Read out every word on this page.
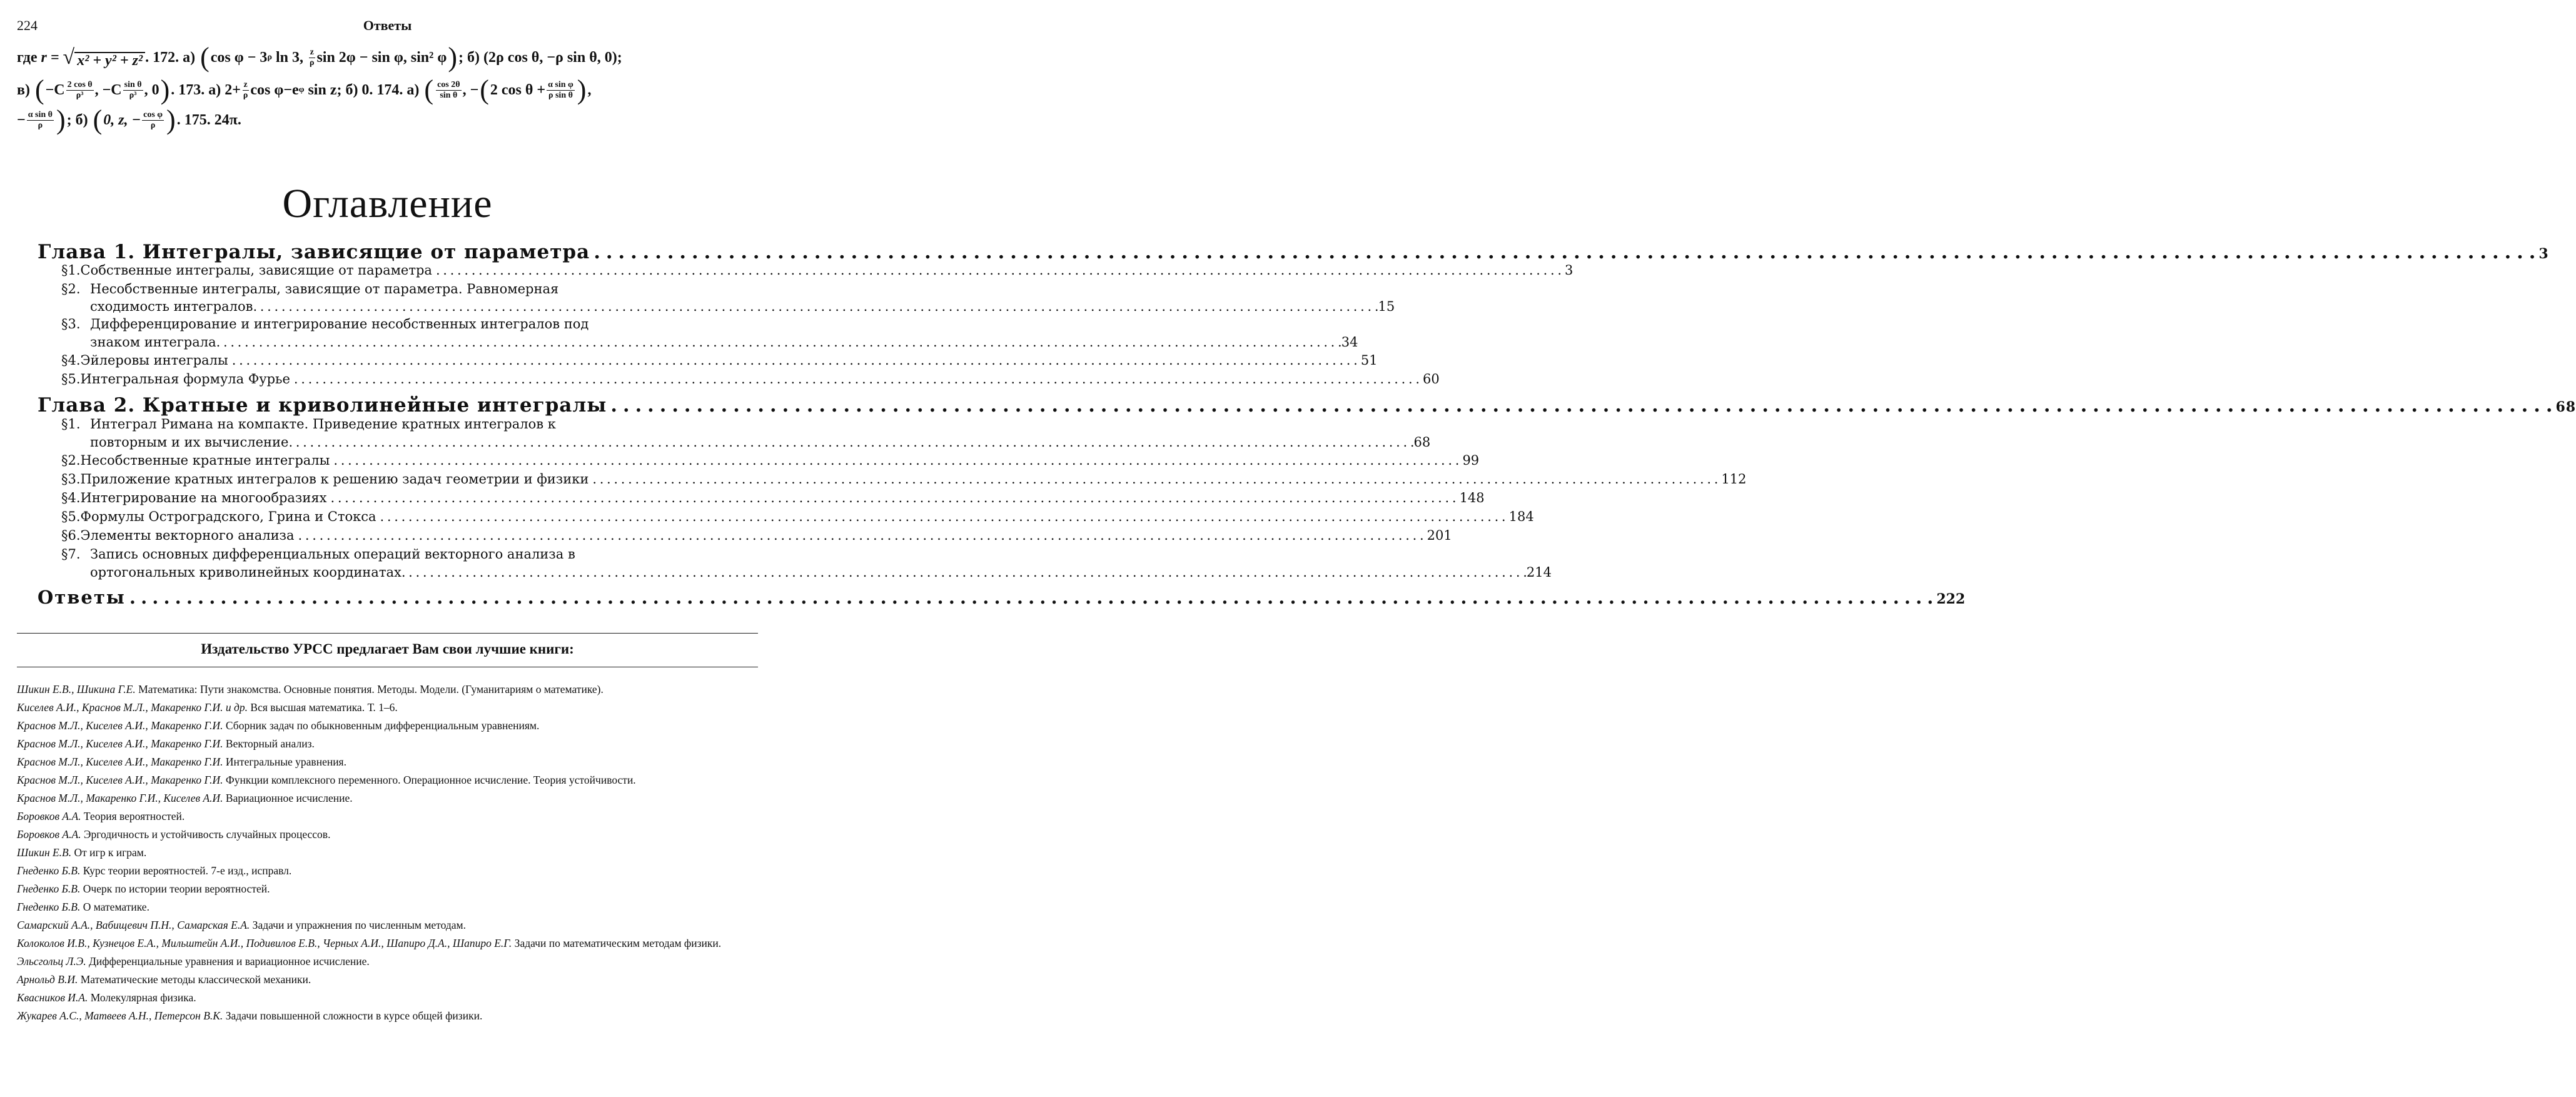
224	Ответы
где
r =
√ x² + y² + z² . 172. а)
( cos φ − 3 ρ
ln 3,
$\frac{z}{\rho}$ sin 2φ − sin φ, sin² φ ) ; б) (2ρ cos θ, −ρ sin θ, 0);
в)
( $-C \frac{\text{2 cos θ}}{\text{ρ³}}$ , $-C \frac{\text{sin θ}}{\text{ρ³}}$ , 0 ) . 173. а) $2+ \frac{z}{\rho}$ cos φ−e φ
sin z; б) 0. 174. а)
( $\frac{\cos 2\theta}{\text{sin θ}}$ , − ( 2 $\cos \theta + \frac{\text{α sin φ}}{\text{ρ sin θ}}$ ) ,
− $\frac{\text{α sin θ}}{\rho}$ ) ; б)
( 0, z, − $\frac{\text{cos φ}}{\rho}$ ) . 175. 24π.
Оглавление
Глава 1. Интегралы, зависящие от параметра . . .	3
§1. Собственные интегралы, зависящие от параметра . . .	3
§2. Несобственные интегралы, зависящие от параметра. Равномерная
сходимость интегралов . . .	15
§3. Дифференцирование и интегрирование несобственных интегралов под
знаком интеграла . . .	34
§4. Эйлеровы интегралы . . .	51
§5. Интегральная формула Фурье . . .	60
Глава 2. Кратные и криволинейные интегралы . . .	68
§1. Интеграл Римана на компакте. Приведение кратных интегралов к
повторным и их вычисление . . .	68
§2. Несобственные кратные интегралы . . .	99
§3. Приложение кратных интегралов к решению задач геометрии и физики . . .	112
§4. Интегрирование на многообразиях . . .	148
§5. Формулы Остроградского, Грина и Стокса . . .	184
§6. Элементы векторного анализа . . .	201
§7. Запись основных дифференциальных операций векторного анализа в
ортогональных криволинейных координатах . . .	214
Ответы . . .	222
Издательство УРСС предлагает Вам свои лучшие книги:

Шикин Е.В., Шикина Г.Е. Математика: Пути знакомства. Основные понятия. Методы. Модели. (Гуманитариям о математике).

Киселев А.И., Краснов М.Л., Макаренко Г.И. и др. Вся высшая математика. Т. 1–6.

Краснов М.Л., Киселев А.И., Макаренко Г.И. Сборник задач по обыкновенным дифференциальным уравнениям.

Краснов М.Л., Киселев А.И., Макаренко Г.И. Векторный анализ.

Краснов М.Л., Киселев А.И., Макаренко Г.И. Интегральные уравнения.

Краснов М.Л., Киселев А.И., Макаренко Г.И. Функции комплексного переменного. Операционное исчисление. Теория устойчивости.

Краснов М.Л., Макаренко Г.И., Киселев А.И. Вариационное исчисление.

Боровков А.А. Теория вероятностей.

Боровков А.А. Эргодичность и устойчивость случайных процессов.

Шикин Е.В. От игр к играм.

Гнеденко Б.В. Курс теории вероятностей. 7-е изд., исправл.

Гнеденко Б.В. Очерк по истории теории вероятностей.

Гнеденко Б.В. О математике.

Самарский А.А., Вабищевич П.Н., Самарская Е.А. Задачи и упражнения по численным методам.

Колоколов И.В., Кузнецов Е.А., Мильштейн А.И., Подивилов Е.В., Черных А.И., Шапиро Д.А., Шапиро Е.Г. Задачи по математическим методам физики.

Эльсгольц Л.Э. Дифференциальные уравнения и вариационное исчисление.

Арнольд В.И. Математические методы классической механики.

Квасников И.А. Молекулярная физика.

Жукарев А.С., Матвеев А.Н., Петерсон В.К. Задачи повышенной сложности в курсе общей физики.
